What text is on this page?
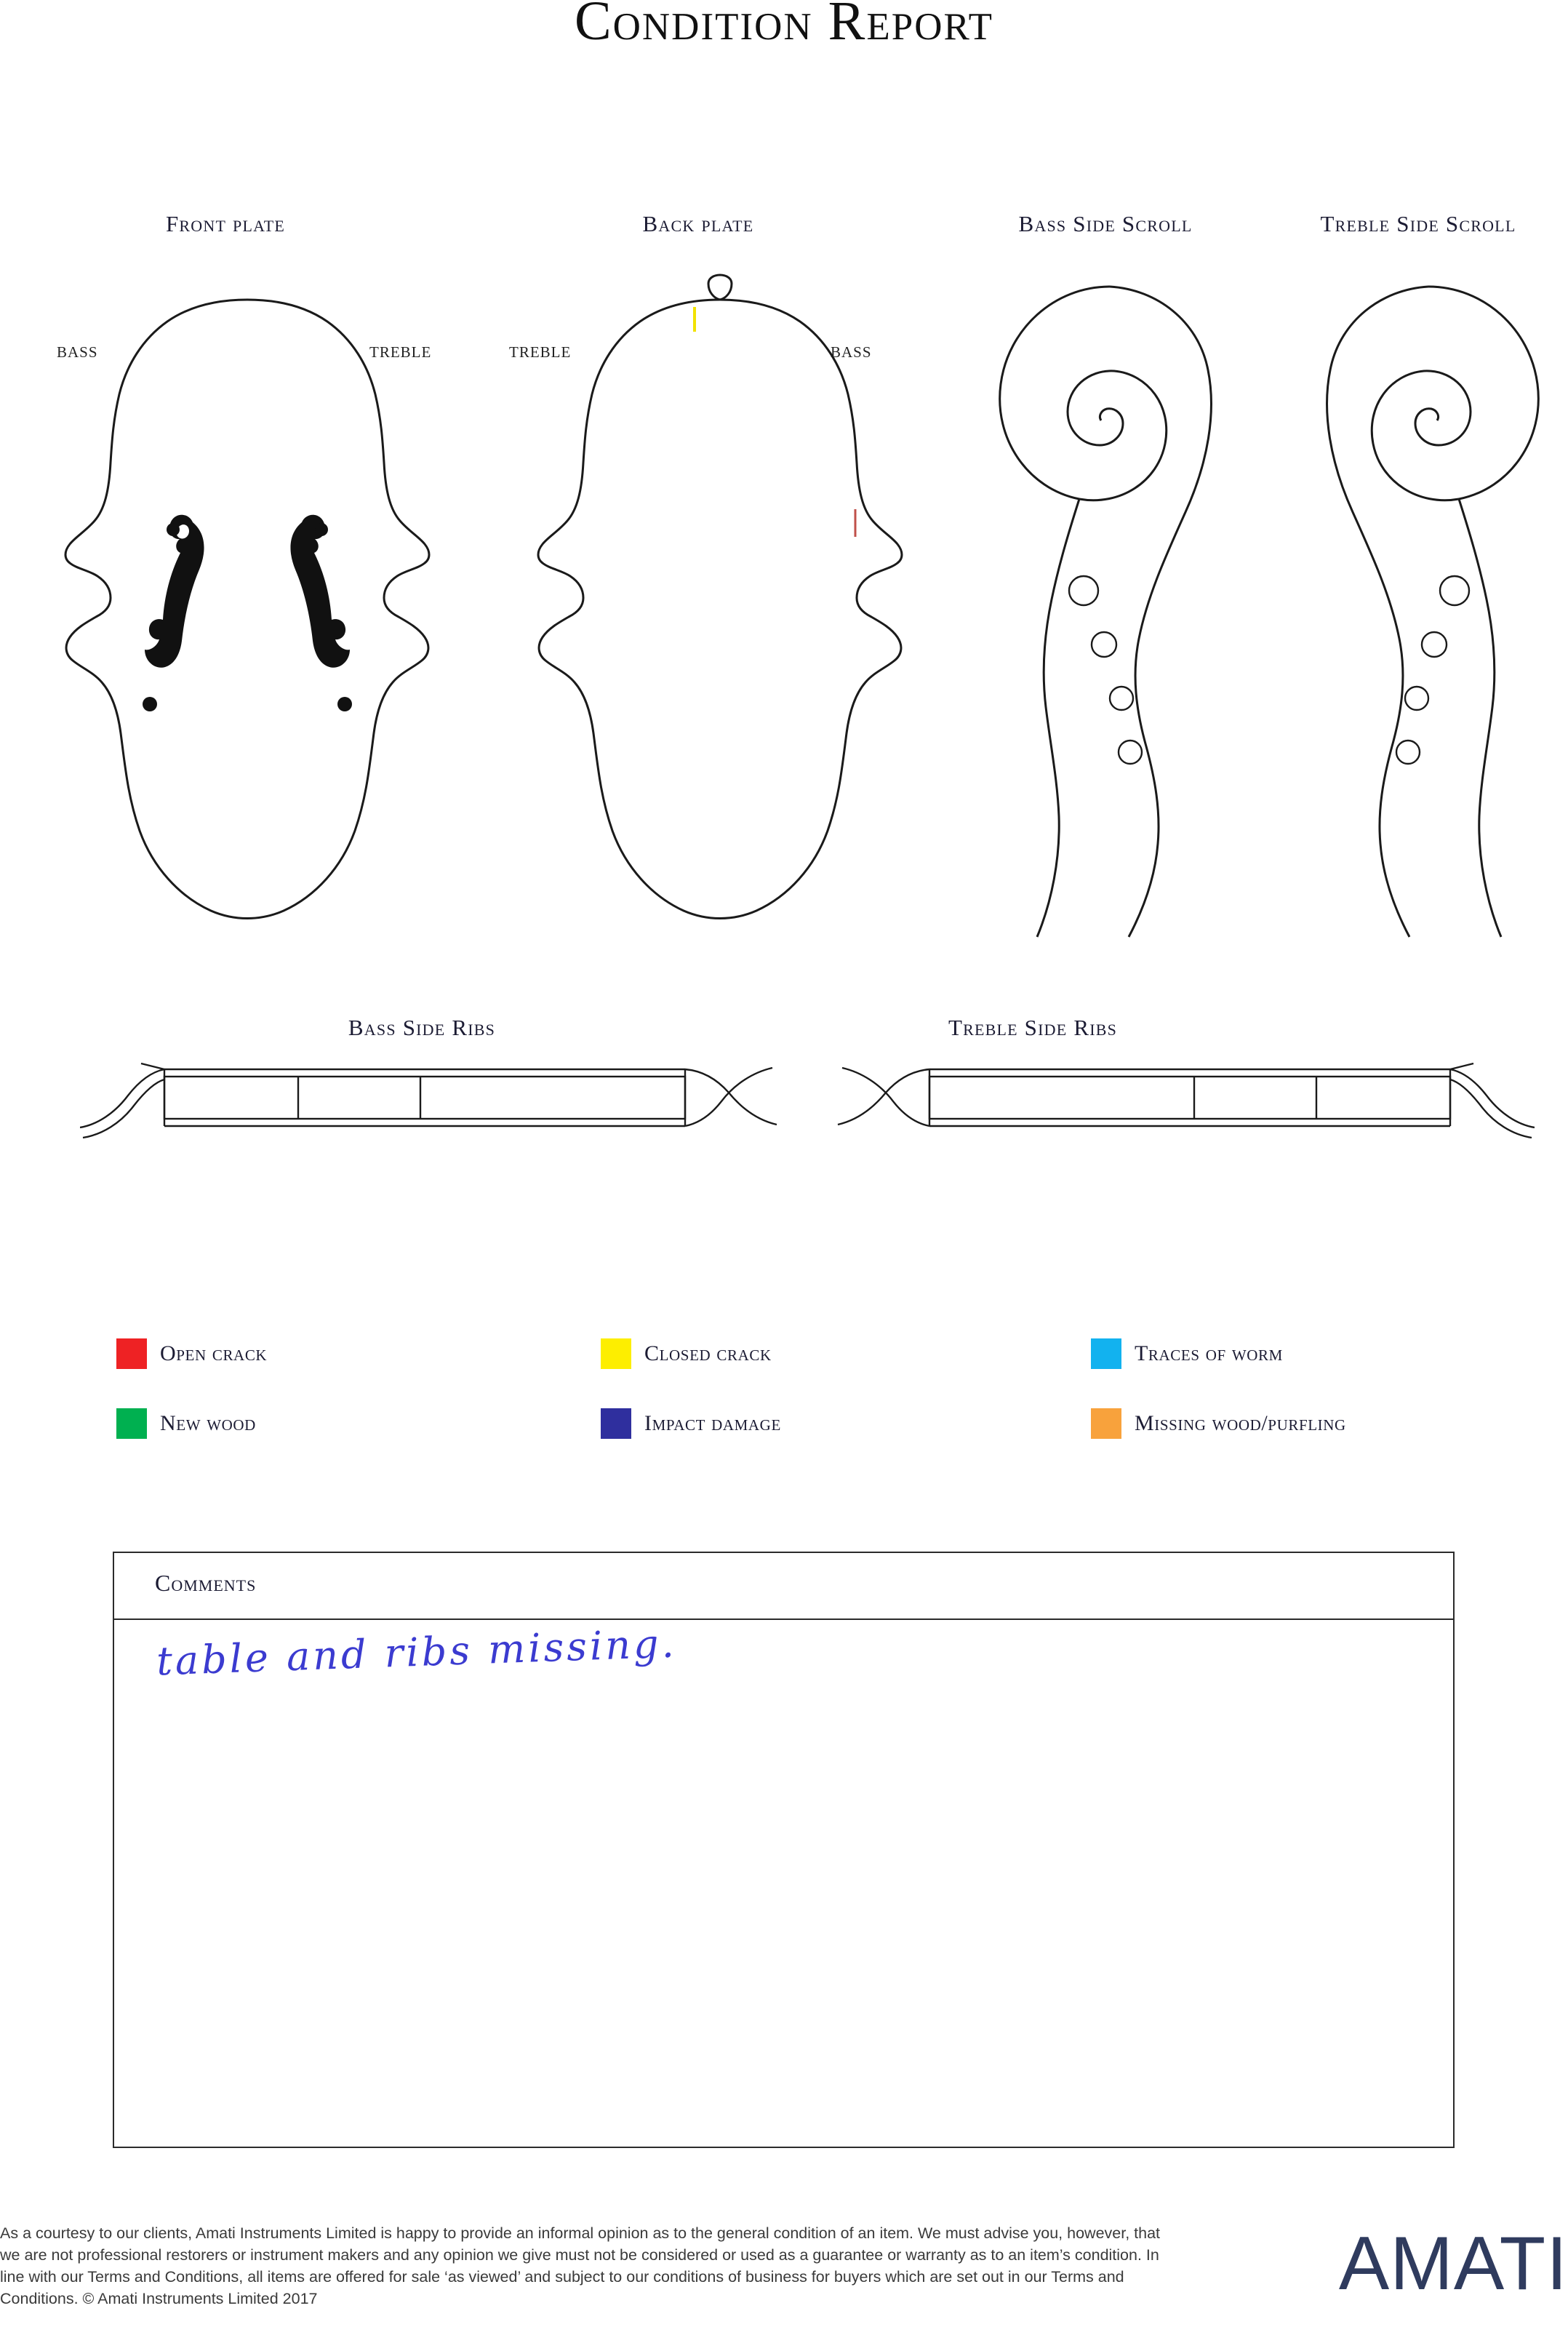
Condition Report
Front plate	Back plate	Bass Side Scroll	Treble Side Scroll
BASS	TREBLE	TREBLE	BASS
Bass Side Ribs	Treble Side Ribs
Open crack	Closed crack	Traces of worm
New wood	Impact damage	Missing wood/purfling
Comments
table and ribs missing.
As a courtesy to our clients, Amati Instruments Limited is happy to provide an informal opinion as to the general condition of an item. We must advise you, however, that we are not professional restorers or instrument makers and any opinion we give must not be considered or used as a guarantee or warranty as to an item’s condition. In line with our Terms and Conditions, all items are offered for sale ‘as viewed’ and subject to our conditions of business for buyers which are set out in our Terms and Conditions. © Amati Instruments Limited 2017	AMATI
